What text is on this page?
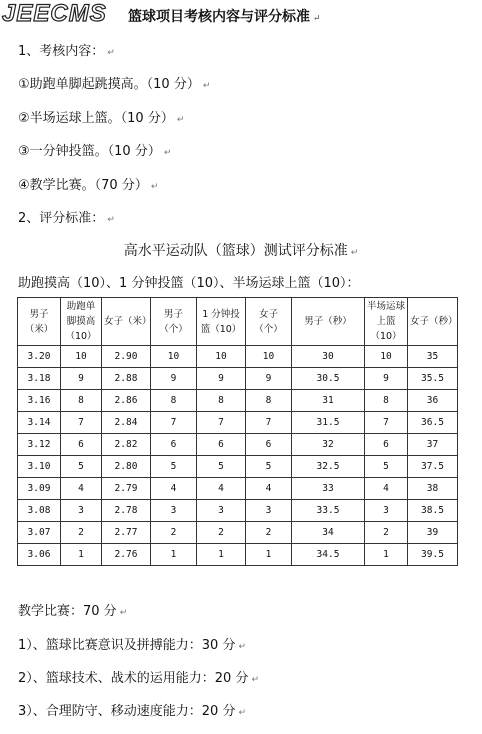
JEECMS 篮球项目考核内容与评分标准 ↵
1、考核内容： ↵
①助跑单脚起跳摸高。（10 分） ↵
②半场运球上篮。（10 分） ↵
③一分钟投篮。（10 分） ↵
④教学比赛。（70 分） ↵
2、评分标准： ↵
高水平运动队（篮球）测试评分标准 ↵
助跑摸高（10）、1 分钟投篮（10）、半场运球上篮（10）：
男子（米）	助跑单脚摸高（10）	女子（米）	男子（个）	1 分钟投篮（10）	女子（个）	男子（秒）	半场运球上篮（10）	女子（秒）
3.20	10	2.90	10	10	10	30	10	35
3.18	9	2.88	9	9	9	30.5	9	35.5
3.16	8	2.86	8	8	8	31	8	36
3.14	7	2.84	7	7	7	31.5	7	36.5
3.12	6	2.82	6	6	6	32	6	37
3.10	5	2.80	5	5	5	32.5	5	37.5
3.09	4	2.79	4	4	4	33	4	38
3.08	3	2.78	3	3	3	33.5	3	38.5
3.07	2	2.77	2	2	2	34	2	39
3.06	1	2.76	1	1	1	34.5	1	39.5
教学比赛：70 分 ↵
1）、篮球比赛意识及拼搏能力：30 分 ↵
2）、篮球技术、战术的运用能力：20 分 ↵
3）、合理防守、移动速度能力：20 分 ↵
